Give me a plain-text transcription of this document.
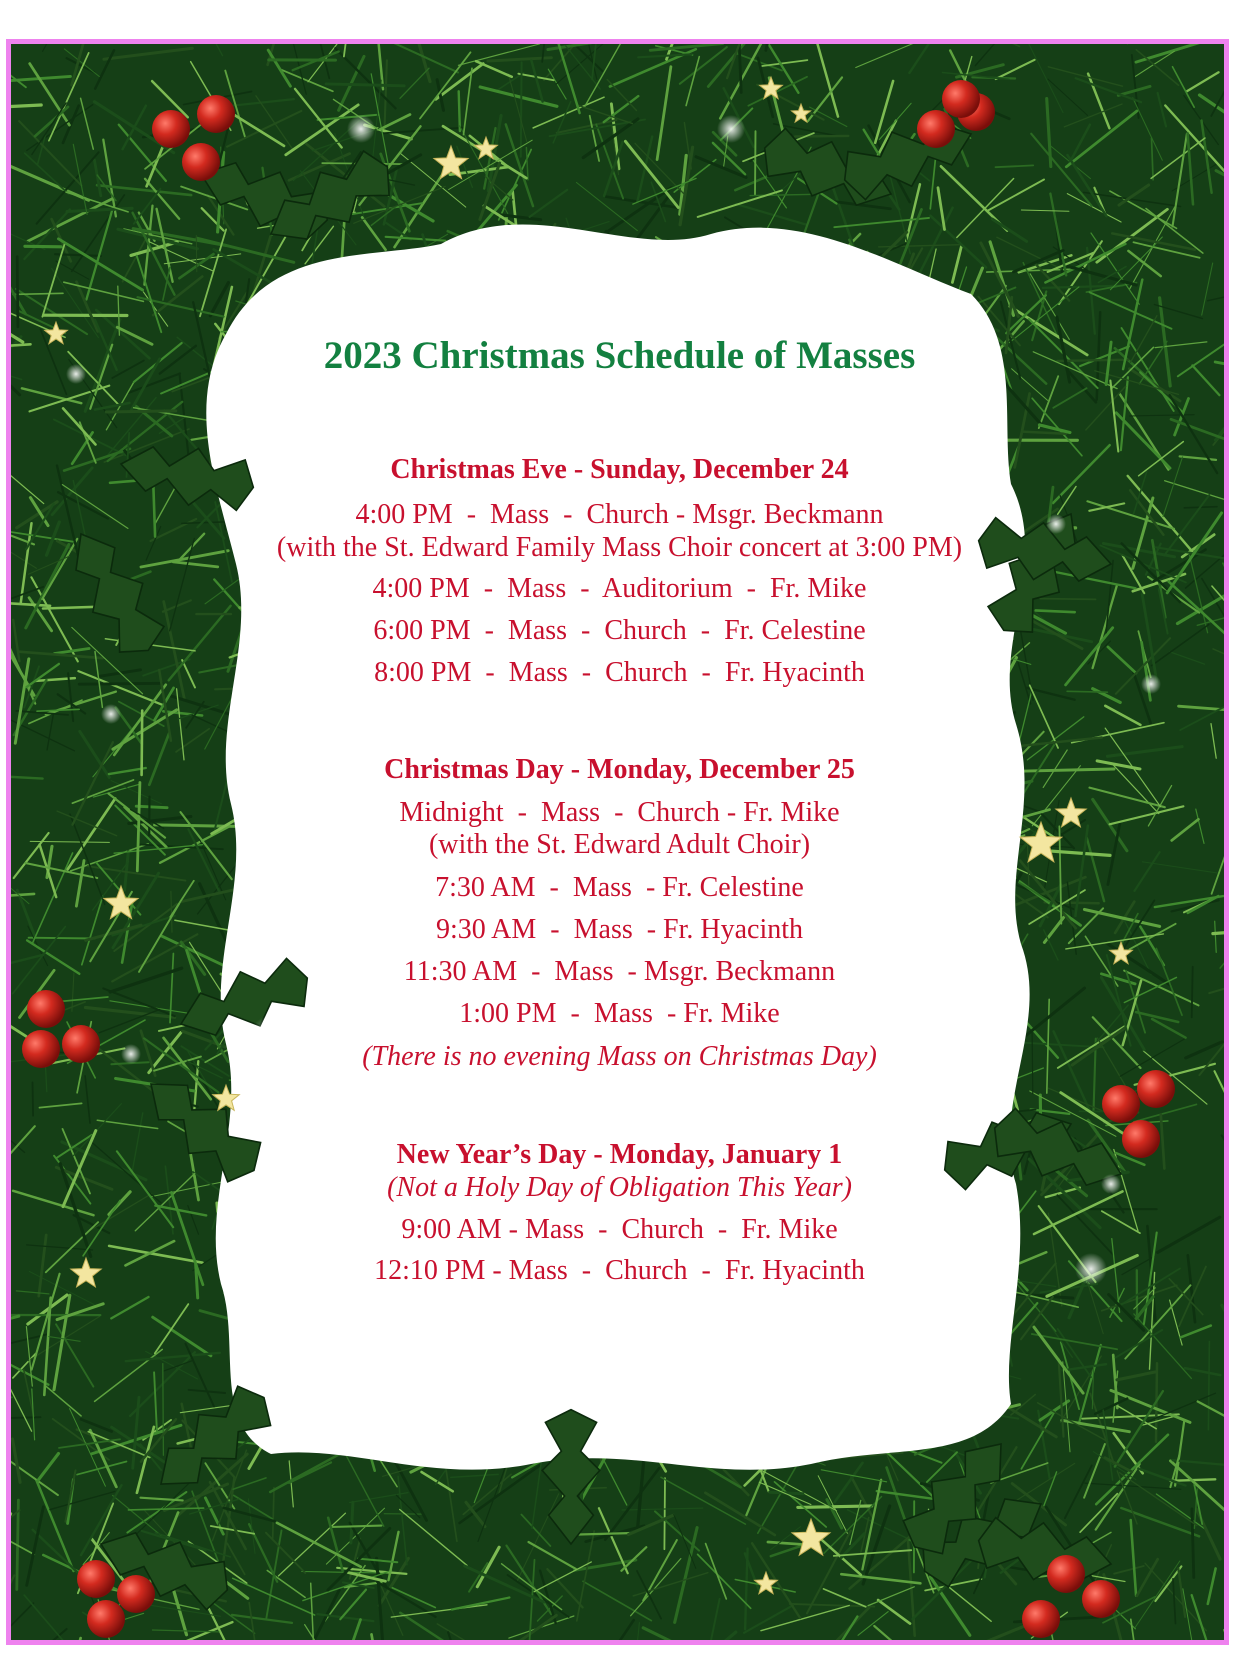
2023 Christmas Schedule of Masses
Christmas Eve - Sunday, December 24
4:00 PM  -  Mass  -  Church - Msgr. Beckmann
(with the St. Edward Family Mass Choir concert at 3:00 PM)
4:00 PM  -  Mass  -  Auditorium  -  Fr. Mike
6:00 PM  -  Mass  -  Church  -  Fr. Celestine
8:00 PM  -  Mass  -  Church  -  Fr. Hyacinth
Christmas Day - Monday, December 25
Midnight  -  Mass  -  Church - Fr. Mike
(with the St. Edward Adult Choir)
7:30 AM  -  Mass  - Fr. Celestine
9:30 AM  -  Mass  - Fr. Hyacinth
11:30 AM  -  Mass  - Msgr. Beckmann
1:00 PM  -  Mass  - Fr. Mike
(There is no evening Mass on Christmas Day)
New Year’s Day - Monday, January 1
(Not a Holy Day of Obligation This Year)
9:00 AM - Mass  -  Church  -  Fr. Mike
12:10 PM - Mass  -  Church  -  Fr. Hyacinth
